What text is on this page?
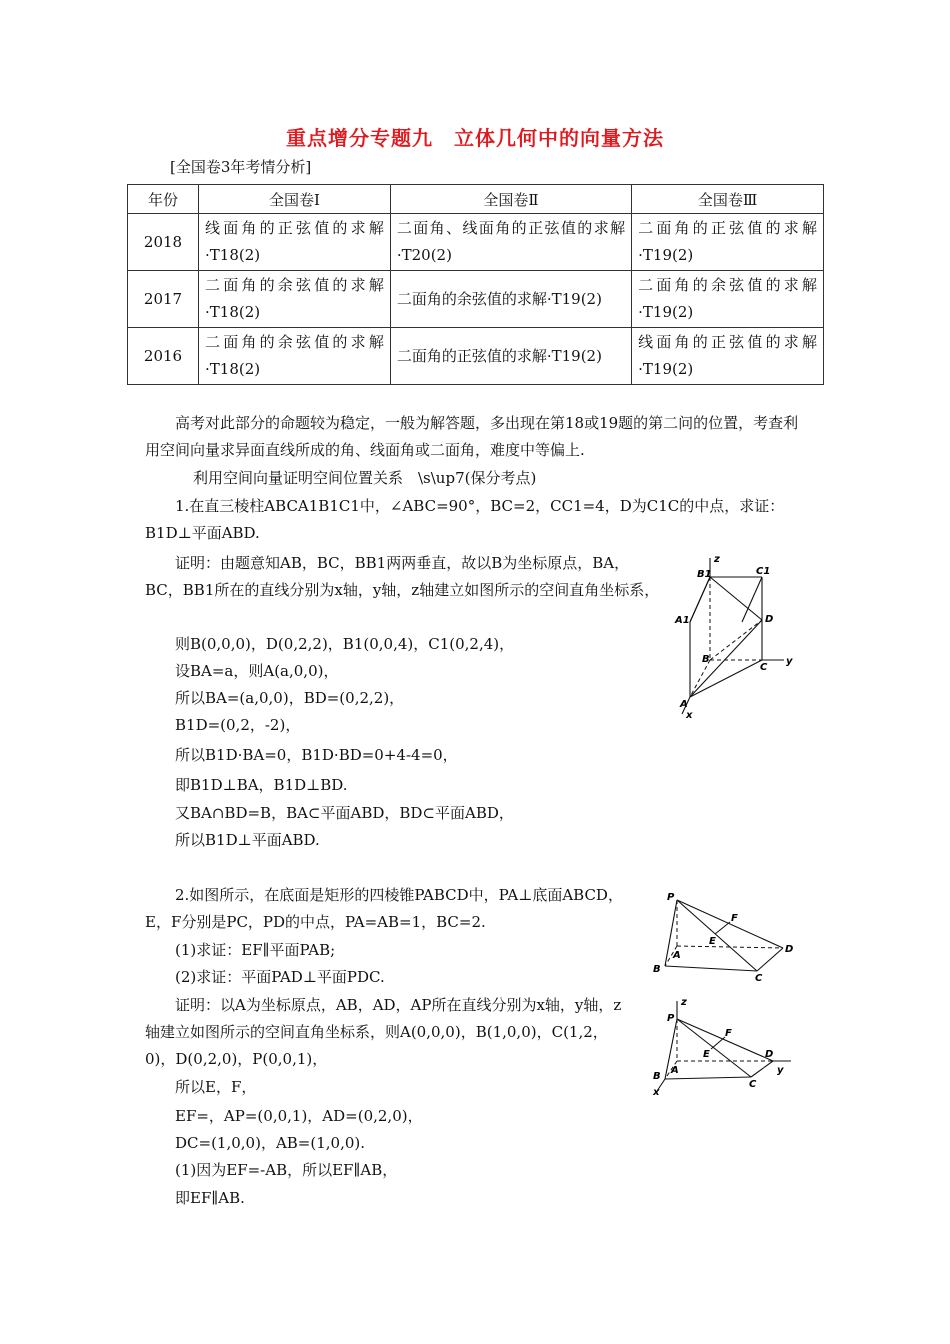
重点增分专题九　立体几何中的向量方法
[全国卷3年考情分析]
年份	全国卷Ⅰ	全国卷Ⅱ	全国卷Ⅲ
2018	线面角的正弦值的求解·T18(2)	二面角、线面角的正弦值的求解·T20(2)	二面角的正弦值的求解·T19(2)
2017	二面角的余弦值的求解·T18(2)	二面角的余弦值的求解·T19(2)	二面角的余弦值的求解·T19(2)
2016	二面角的余弦值的求解·T18(2)	二面角的正弦值的求解·T19(2)	线面角的正弦值的求解·T19(2)
高考对此部分的命题较为稳定，一般为解答题，多出现在第18或19题的第二问的位置，考查利用空间向量求异面直线所成的角、线面角或二面角，难度中等偏上.
利用空间向量证明空间位置关系　\s\up7(保分考点)
1.在直三棱柱ABCA1B1C1中，∠ABC=90°，BC=2，CC1=4，D为C1C的中点，求证：B1D⊥平面ABD.
证明：由题意知AB，BC，BB1两两垂直，故以B为坐标原点，BA，BC，BB1所在的直线分别为x轴，y轴，z轴建立如图所示的空间直角坐标系，
则B(0,0,0)，D(0,2,2)，B1(0,0,4)，C1(0,2,4)，
设BA=a，则A(a,0,0)，
所以BA=(a,0,0)，BD=(0,2,2)，
B1D=(0,2，-2)，
所以B1D·BA=0，B1D·BD=0+4-4=0，
即B1D⊥BA，B1D⊥BD.
又BA∩BD=B，BA⊂平面ABD，BD⊂平面ABD，
所以B1D⊥平面ABD.
z
y
x
B1	C1
A1	D
B
C
A
2.如图所示，在底面是矩形的四棱锥PABCD中，PA⊥底面ABCD，E，F分别是PC，PD的中点，PA=AB=1，BC=2.
(1)求证：EF∥平面PAB;
(2)求证：平面PAD⊥平面PDC.
证明：以A为坐标原点，AB，AD，AP所在直线分别为x轴，y轴，z轴建立如图所示的空间直角坐标系，则A(0,0,0)，B(1,0,0)，C(1,2，0)，D(0,2,0)，P(0,0,1)，
所以E，F，
EF=，AP=(0,0,1)，AD=(0,2,0)，
DC=(1,0,0)，AB=(1,0,0).
(1)因为EF=-AB，所以EF∥AB，
即EF∥AB.
P
F
E
D
A
B
C
z
y
x
P
F
E	D
A
B
C
